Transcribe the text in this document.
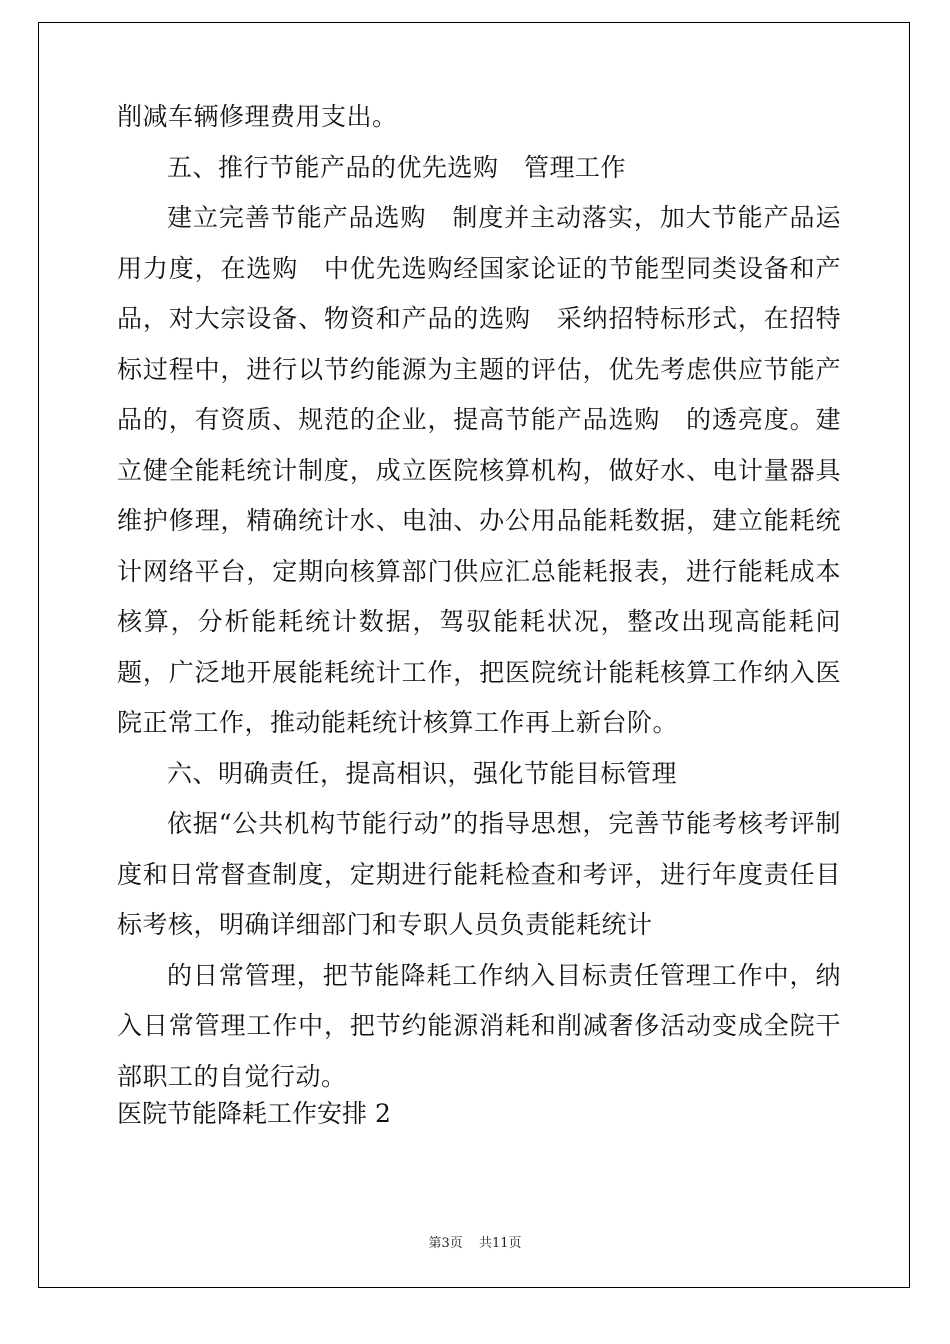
削减车辆修理费用支出。

五、推行节能产品的优先选购　管理工作

建立完善节能产品选购　制度并主动落实，加大节能产品运用力度，在选购　中优先选购经国家论证的节能型同类设备和产品，对大宗设备、物资和产品的选购　采纳招特标形式，在招特标过程中，进行以节约能源为主题的评估，优先考虑供应节能产品的，有资质、规范的企业，提高节能产品选购　的透亮度。建立健全能耗统计制度，成立医院核算机构，做好水、电计量器具维护修理，精确统计水、电油、办公用品能耗数据，建立能耗统计网络平台，定期向核算部门供应汇总能耗报表，进行能耗成本核算，分析能耗统计数据，驾驭能耗状况，整改出现高能耗问题，广泛地开展能耗统计工作，把医院统计能耗核算工作纳入医院正常工作，推动能耗统计核算工作再上新台阶。

六、明确责任，提高相识，强化节能目标管理

依据“公共机构节能行动”的指导思想，完善节能考核考评制度和日常督查制度，定期进行能耗检查和考评，进行年度责任目标考核，明确详细部门和专职人员负责能耗统计

的日常管理，把节能降耗工作纳入目标责任管理工作中，纳入日常管理工作中，把节约能源消耗和削减奢侈活动变成全院干部职工的自觉行动。

医院节能降耗工作安排 2
第3页 共11页
